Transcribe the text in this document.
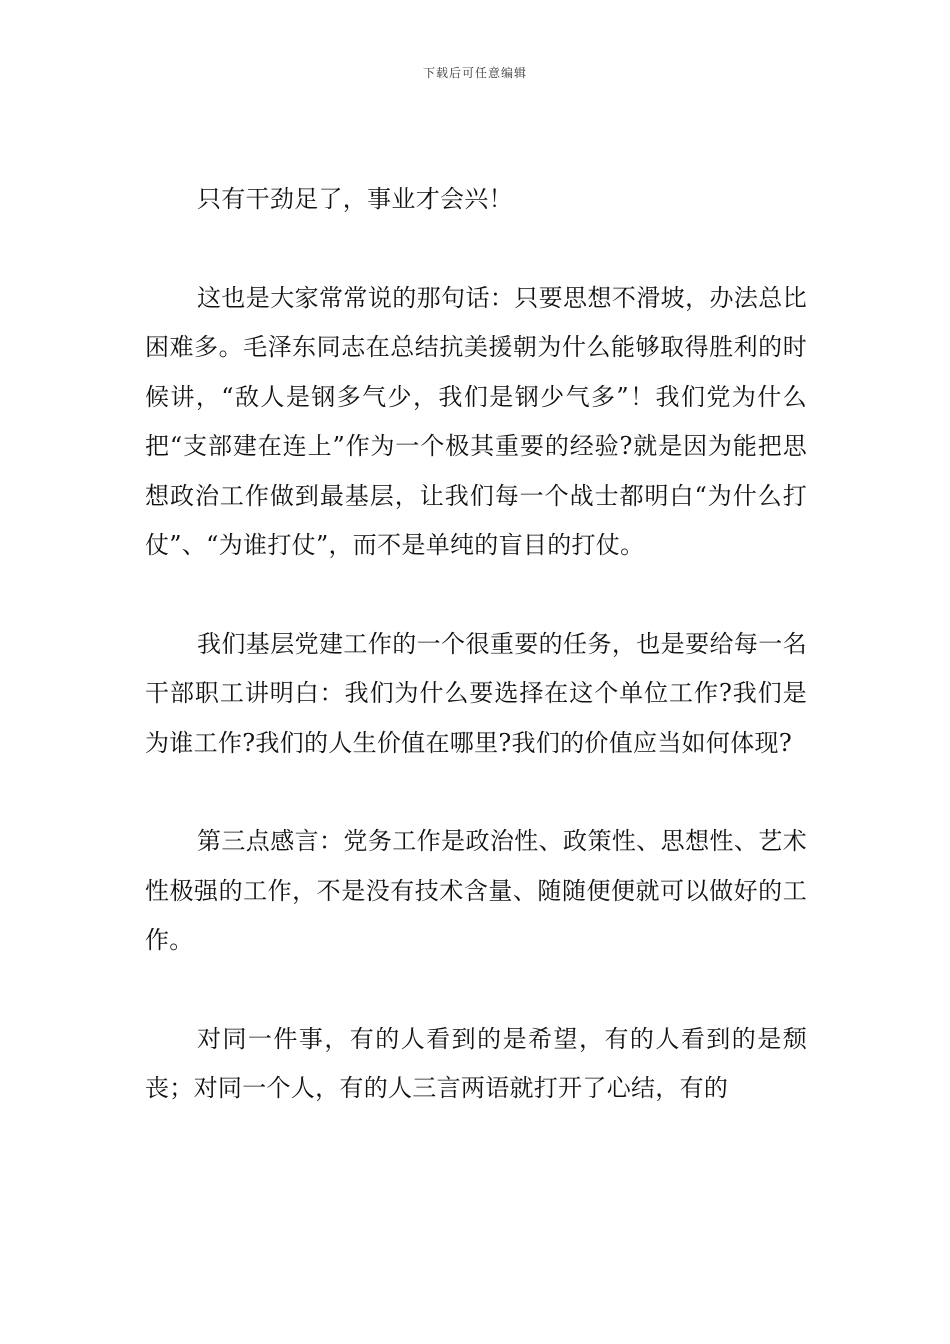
下载后可任意编辑

只有干劲足了，事业才会兴！

这也是大家常常说的那句话：只要思想不滑坡，办法总比困难多。毛泽东同志在总结抗美援朝为什么能够取得胜利的时候讲，“敌人是钢多气少，我们是钢少气多”！我们党为什么把“支部建在连上”作为一个极其重要的经验?就是因为能把思想政治工作做到最基层，让我们每一个战士都明白“为什么打仗”、“为谁打仗”，而不是单纯的盲目的打仗。

我们基层党建工作的一个很重要的任务，也是要给每一名干部职工讲明白：我们为什么要选择在这个单位工作?我们是为谁工作?我们的人生价值在哪里?我们的价值应当如何体现?

第三点感言：党务工作是政治性、政策性、思想性、艺术性极强的工作，不是没有技术含量、随随便便就可以做好的工作。

对同一件事，有的人看到的是希望，有的人看到的是颓丧；对同一个人，有的人三言两语就打开了心结，有的
